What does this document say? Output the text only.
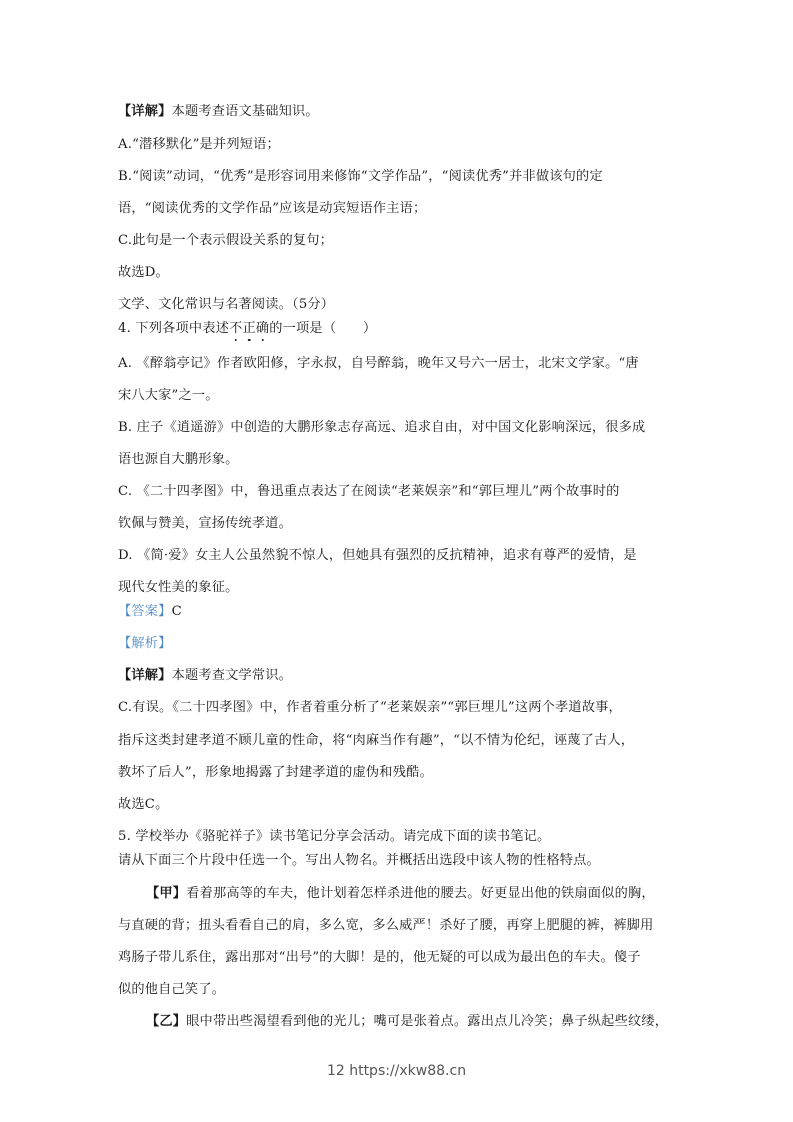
【详解】本题考查语文基础知识。
A.“潜移默化”是并列短语；
B.“阅读”动词，“优秀”是形容词用来修饰“文学作品”，“阅读优秀”并非做该句的定
语，“阅读优秀的文学作品”应该是动宾短语作主语；
C.此句是一个表示假设关系的复句；
故选D。
文学、文化常识与名著阅读。（5分）
4. 下列各项中表述不正确的一项是（　　）
A. 《醉翁亭记》作者欧阳修，字永叔，自号醉翁，晚年又号六一居士，北宋文学家。“唐
宋八大家”之一。
B. 庄子《逍遥游》中创造的大鹏形象志存高远、追求自由，对中国文化影响深远，很多成
语也源自大鹏形象。
C. 《二十四孝图》中，鲁迅重点表达了在阅读“老莱娱亲”和“郭巨埋儿”两个故事时的
钦佩与赞美，宣扬传统孝道。
D. 《简·爱》女主人公虽然貌不惊人，但她具有强烈的反抗精神，追求有尊严的爱情，是
现代女性美的象征。
【答案】C
【解析】
【详解】本题考查文学常识。
C.有误。《二十四孝图》中，作者着重分析了“老莱娱亲”“郭巨埋儿”这两个孝道故事，
指斥这类封建孝道不顾儿童的性命，将“肉麻当作有趣”，“以不情为伦纪，诬蔑了古人，
教坏了后人”，形象地揭露了封建孝道的虚伪和残酷。
故选C。
5. 学校举办《骆驼祥子》读书笔记分享会活动。请完成下面的读书笔记。
请从下面三个片段中任选一个。写出人物名。并概括出选段中该人物的性格特点。
【甲】看着那高等的车夫，他计划着怎样杀进他的腰去。好更显出他的铁扇面似的胸，
与直硬的背；扭头看看自己的肩，多么宽，多么威严！杀好了腰，再穿上肥腿的裤，裤脚用
鸡肠子带儿系住，露出那对“出号”的大脚！是的，他无疑的可以成为最出色的车夫。傻子
似的他自己笑了。
【乙】眼中带出些渴望看到他的光儿；嘴可是张着点。露出点儿冷笑；鼻子纵起些纹缕，
12 https://xkw88.cn
